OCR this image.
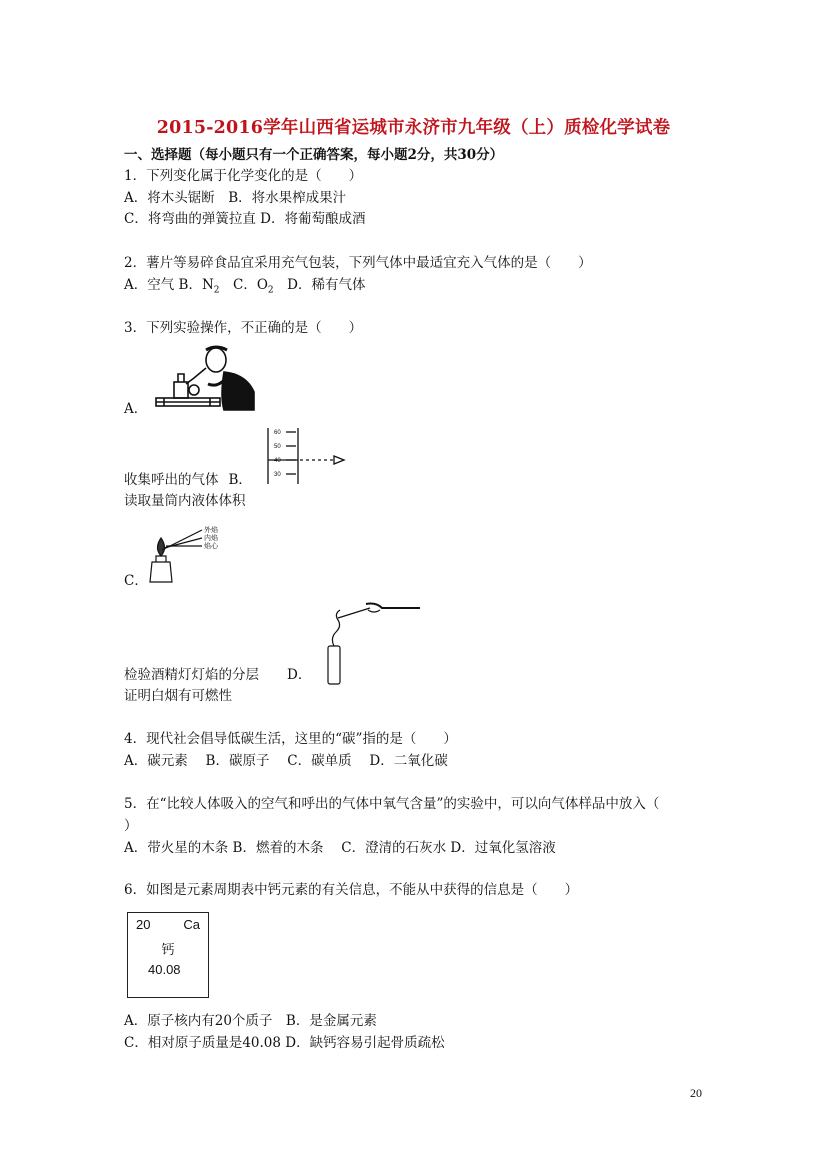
2015-2016学年山西省运城市永济市九年级（上）质检化学试卷
一、选择题（每小题只有一个正确答案，每小题2分，共30分）
1．下列变化属于化学变化的是（　　）
A．将木头锯断　B．将水果榨成果汁
C．将弯曲的弹簧拉直 D．将葡萄酿成酒
2．薯片等易碎食品宜采用充气包装，下列气体中最适宜充入气体的是（　　）
A．空气 B．$N_2$　C．$O_2$　D．稀有气体
3．下列实验操作，不正确的是（　　）
A．
60
50
40
30
收集呼出的气体 B．
读取量筒内液体体积
外焰
内焰
焰心
C．
检验酒精灯灯焰的分层 D．
证明白烟有可燃性
4．现代社会倡导低碳生活，这里的“碳”指的是（　　）
A．碳元素　 B．碳原子　 C．碳单质　 D．二氧化碳
5．在“比较人体吸入的空气和呼出的气体中氧气含量”的实验中，可以向气体样品中放入（
）
A．带火星的木条 B．燃着的木条　 C．澄清的石灰水 D．过氧化氢溶液
6．如图是元素周期表中钙元素的有关信息，不能从中获得的信息是（　　）
20	Ca
钙
40.08
A．原子核内有20个质子　B．是金属元素
C．相对原子质量是40.08 D．缺钙容易引起骨质疏松
20
